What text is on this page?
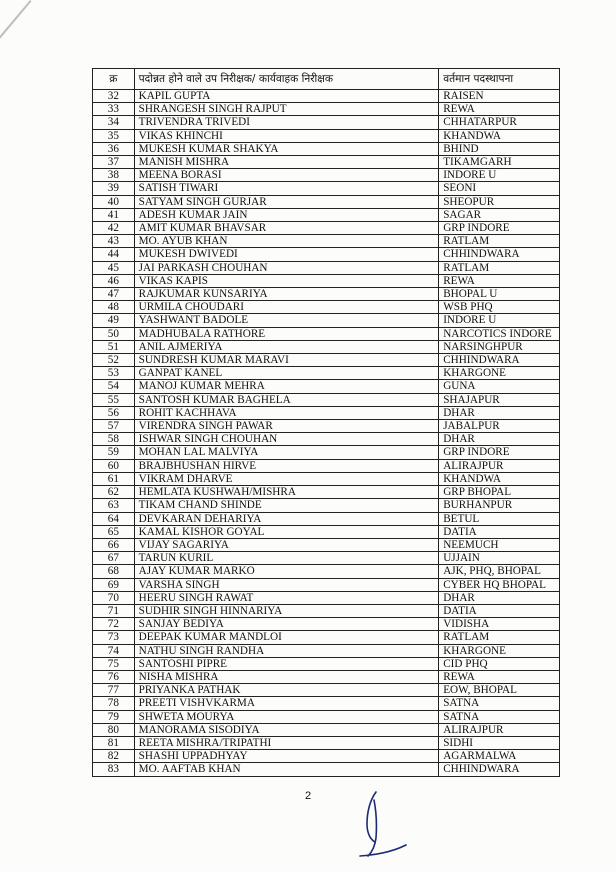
क्र	पदोन्नत होने वाले उप निरीक्षक/ कार्यवाहक निरीक्षक	वर्तमान पदस्थापना
32	KAPIL GUPTA	RAISEN
33	SHRANGESH SINGH RAJPUT	REWA
34	TRIVENDRA TRIVEDI	CHHATARPUR
35	VIKAS KHINCHI	KHANDWA
36	MUKESH KUMAR SHAKYA	BHIND
37	MANISH MISHRA	TIKAMGARH
38	MEENA BORASI	INDORE U
39	SATISH TIWARI	SEONI
40	SATYAM SINGH GURJAR	SHEOPUR
41	ADESH KUMAR JAIN	SAGAR
42	AMIT KUMAR BHAVSAR	GRP INDORE
43	MO. AYUB KHAN	RATLAM
44	MUKESH DWIVEDI	CHHINDWARA
45	JAI PARKASH CHOUHAN	RATLAM
46	VIKAS KAPIS	REWA
47	RAJKUMAR KUNSARIYA	BHOPAL U
48	URMILA CHOUDARI	WSB PHQ
49	YASHWANT BADOLE	INDORE U
50	MADHUBALA RATHORE	NARCOTICS INDORE
51	ANIL AJMERIYA	NARSINGHPUR
52	SUNDRESH KUMAR MARAVI	CHHINDWARA
53	GANPAT KANEL	KHARGONE
54	MANOJ KUMAR MEHRA	GUNA
55	SANTOSH KUMAR BAGHELA	SHAJAPUR
56	ROHIT KACHHAVA	DHAR
57	VIRENDRA SINGH PAWAR	JABALPUR
58	ISHWAR SINGH CHOUHAN	DHAR
59	MOHAN LAL MALVIYA	GRP INDORE
60	BRAJBHUSHAN HIRVE	ALIRAJPUR
61	VIKRAM DHARVE	KHANDWA
62	HEMLATA KUSHWAH/MISHRA	GRP BHOPAL
63	TIKAM CHAND SHINDE	BURHANPUR
64	DEVKARAN DEHARIYA	BETUL
65	KAMAL KISHOR GOYAL	DATIA
66	VIJAY SAGARIYA	NEEMUCH
67	TARUN KURIL	UJJAIN
68	AJAY KUMAR MARKO	AJK, PHQ, BHOPAL
69	VARSHA SINGH	CYBER HQ BHOPAL
70	HEERU SINGH RAWAT	DHAR
71	SUDHIR SINGH HINNARIYA	DATIA
72	SANJAY BEDIYA	VIDISHA
73	DEEPAK KUMAR MANDLOI	RATLAM
74	NATHU SINGH RANDHA	KHARGONE
75	SANTOSHI PIPRE	CID PHQ
76	NISHA MISHRA	REWA
77	PRIYANKA PATHAK	EOW, BHOPAL
78	PREETI VISHVKARMA	SATNA
79	SHWETA MOURYA	SATNA
80	MANORAMA SISODIYA	ALIRAJPUR
81	REETA MISHRA/TRIPATHI	SIDHI
82	SHASHI UPPADHYAY	AGARMALWA
83	MO. AAFTAB KHAN	CHHINDWARA
2
